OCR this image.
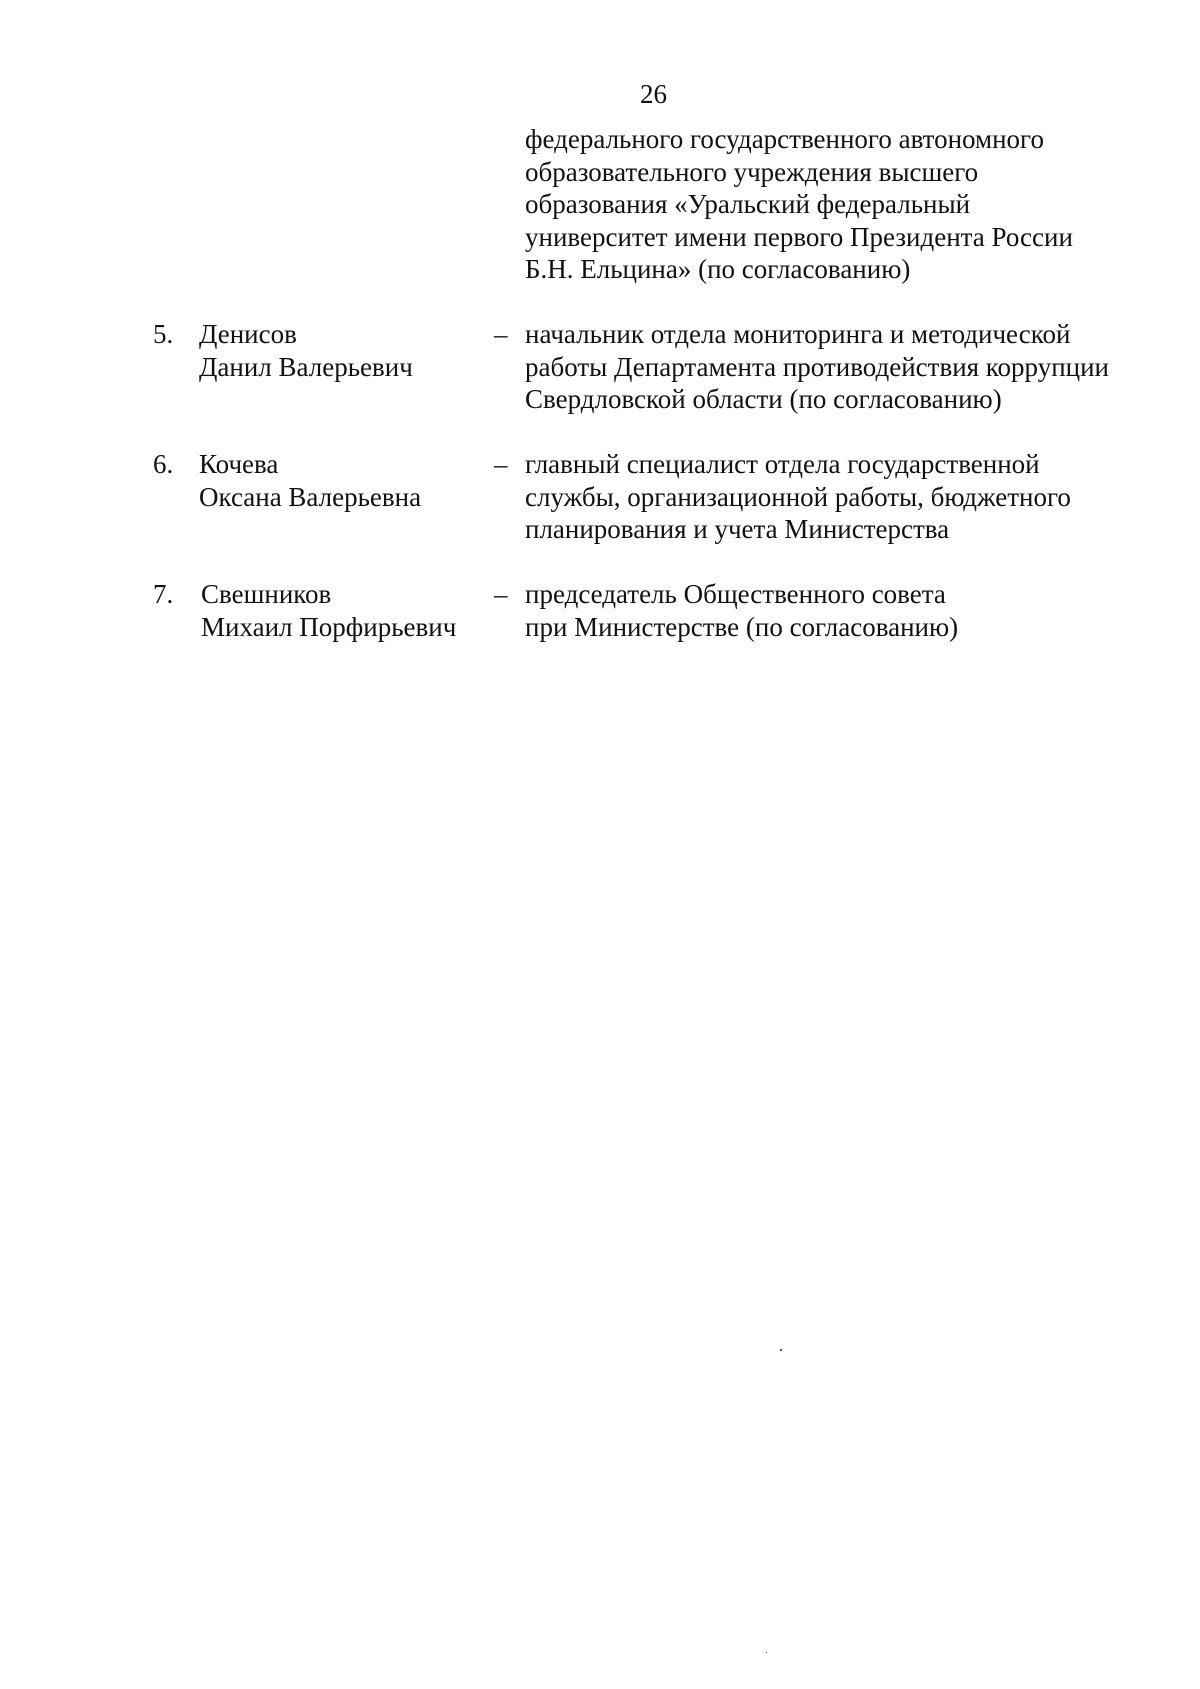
26
федерального государственного автономного
образовательного учреждения высшего
образования «Уральский федеральный
университет имени первого Президента России
Б.Н. Ельцина» (по согласованию)
5. Денисов
Данил Валерьевич
– начальник отдела мониторинга и методической
работы Департамента противодействия коррупции
Свердловской области (по согласованию)
6. Кочева
Оксана Валерьевна
– главный специалист отдела государственной
службы, организационной работы, бюджетного
планирования и учета Министерства
7. Свешников
Михаил Порфирьевич
– председатель Общественного совета
при Министерстве (по согласованию)
